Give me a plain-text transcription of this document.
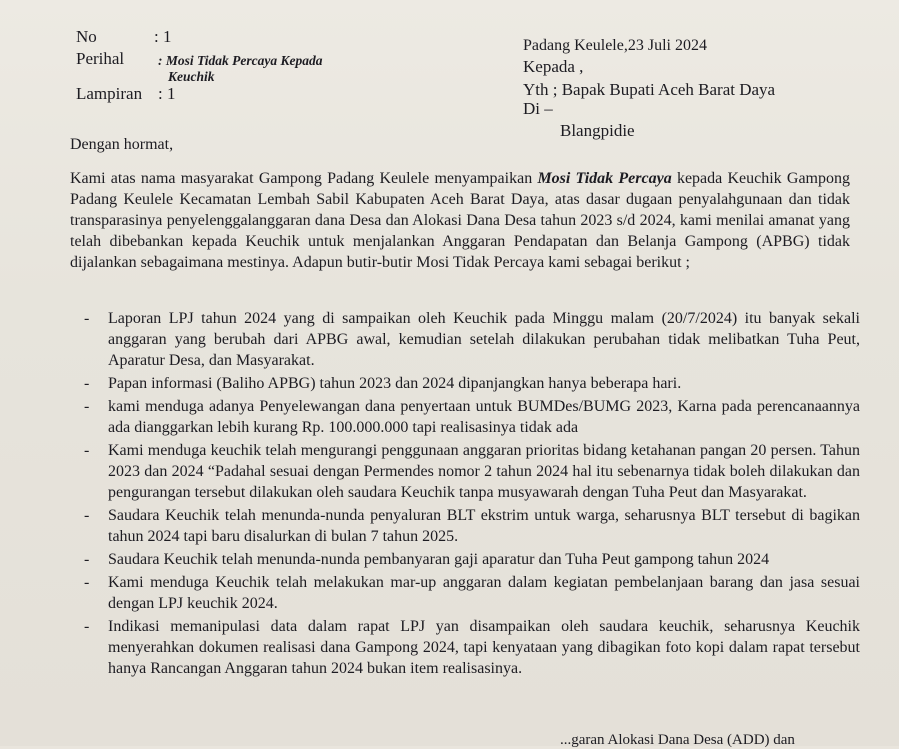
No	: 1
Perihal	: Mosi Tidak Percaya Kepada
Keuchik
Lampiran : 1
Padang Keulele,23 Juli 2024
Kepada ,
Yth ; Bapak Bupati Aceh Barat Daya
Di –
Blangpidie
Dengan hormat,

Kami atas nama masyarakat Gampong Padang Keulele menyampaikan Mosi Tidak Percaya kepada Keuchik Gampong Padang Keulele Kecamatan Lembah Sabil Kabupaten Aceh Barat Daya, atas dasar dugaan penyalahgunaan dan tidak transparasinya penyelenggalanggaran dana Desa dan Alokasi Dana Desa tahun 2023 s/d 2024, kami menilai amanat yang telah dibebankan kepada Keuchik untuk menjalankan Anggaran Pendapatan dan Belanja Gampong (APBG) tidak dijalankan sebagaimana mestinya. Adapun butir-butir Mosi Tidak Percaya kami sebagai berikut ;

- Laporan LPJ tahun 2024 yang di sampaikan oleh Keuchik pada Minggu malam (20/7/2024) itu banyak sekali anggaran yang berubah dari APBG awal, kemudian setelah dilakukan perubahan tidak melibatkan Tuha Peut, Aparatur Desa, dan Masyarakat.
- Papan informasi (Baliho APBG) tahun 2023 dan 2024 dipanjangkan hanya beberapa hari.
- kami menduga adanya Penyelewangan dana penyertaan untuk BUMDes/BUMG 2023, Karna pada perencanaannya ada dianggarkan lebih kurang Rp. 100.000.000 tapi realisasinya tidak ada
- Kami menduga keuchik telah mengurangi penggunaan anggaran prioritas bidang ketahanan pangan 20 persen. Tahun 2023 dan 2024 “Padahal sesuai dengan Permendes nomor 2 tahun 2024 hal itu sebenarnya tidak boleh dilakukan dan pengurangan tersebut dilakukan oleh saudara Keuchik tanpa musyawarah dengan Tuha Peut dan Masyarakat.
- Saudara Keuchik telah menunda-nunda penyaluran BLT ekstrim untuk warga, seharusnya BLT tersebut di bagikan tahun 2024 tapi baru disalurkan di bulan 7 tahun 2025.
- Saudara Keuchik telah menunda-nunda pembanyaran gaji aparatur dan Tuha Peut gampong tahun 2024
- Kami menduga Keuchik telah melakukan mar-up anggaran dalam kegiatan pembelanjaan barang dan jasa sesuai dengan LPJ keuchik 2024.
- Indikasi memanipulasi data dalam rapat LPJ yan disampaikan oleh saudara keuchik, seharusnya Keuchik menyerahkan dokumen realisasi dana Gampong 2024, tapi kenyataan yang dibagikan foto kopi dalam rapat tersebut hanya Rancangan Anggaran tahun 2024 bukan item realisasinya.
...garan Alokasi Dana Desa (ADD) dan
